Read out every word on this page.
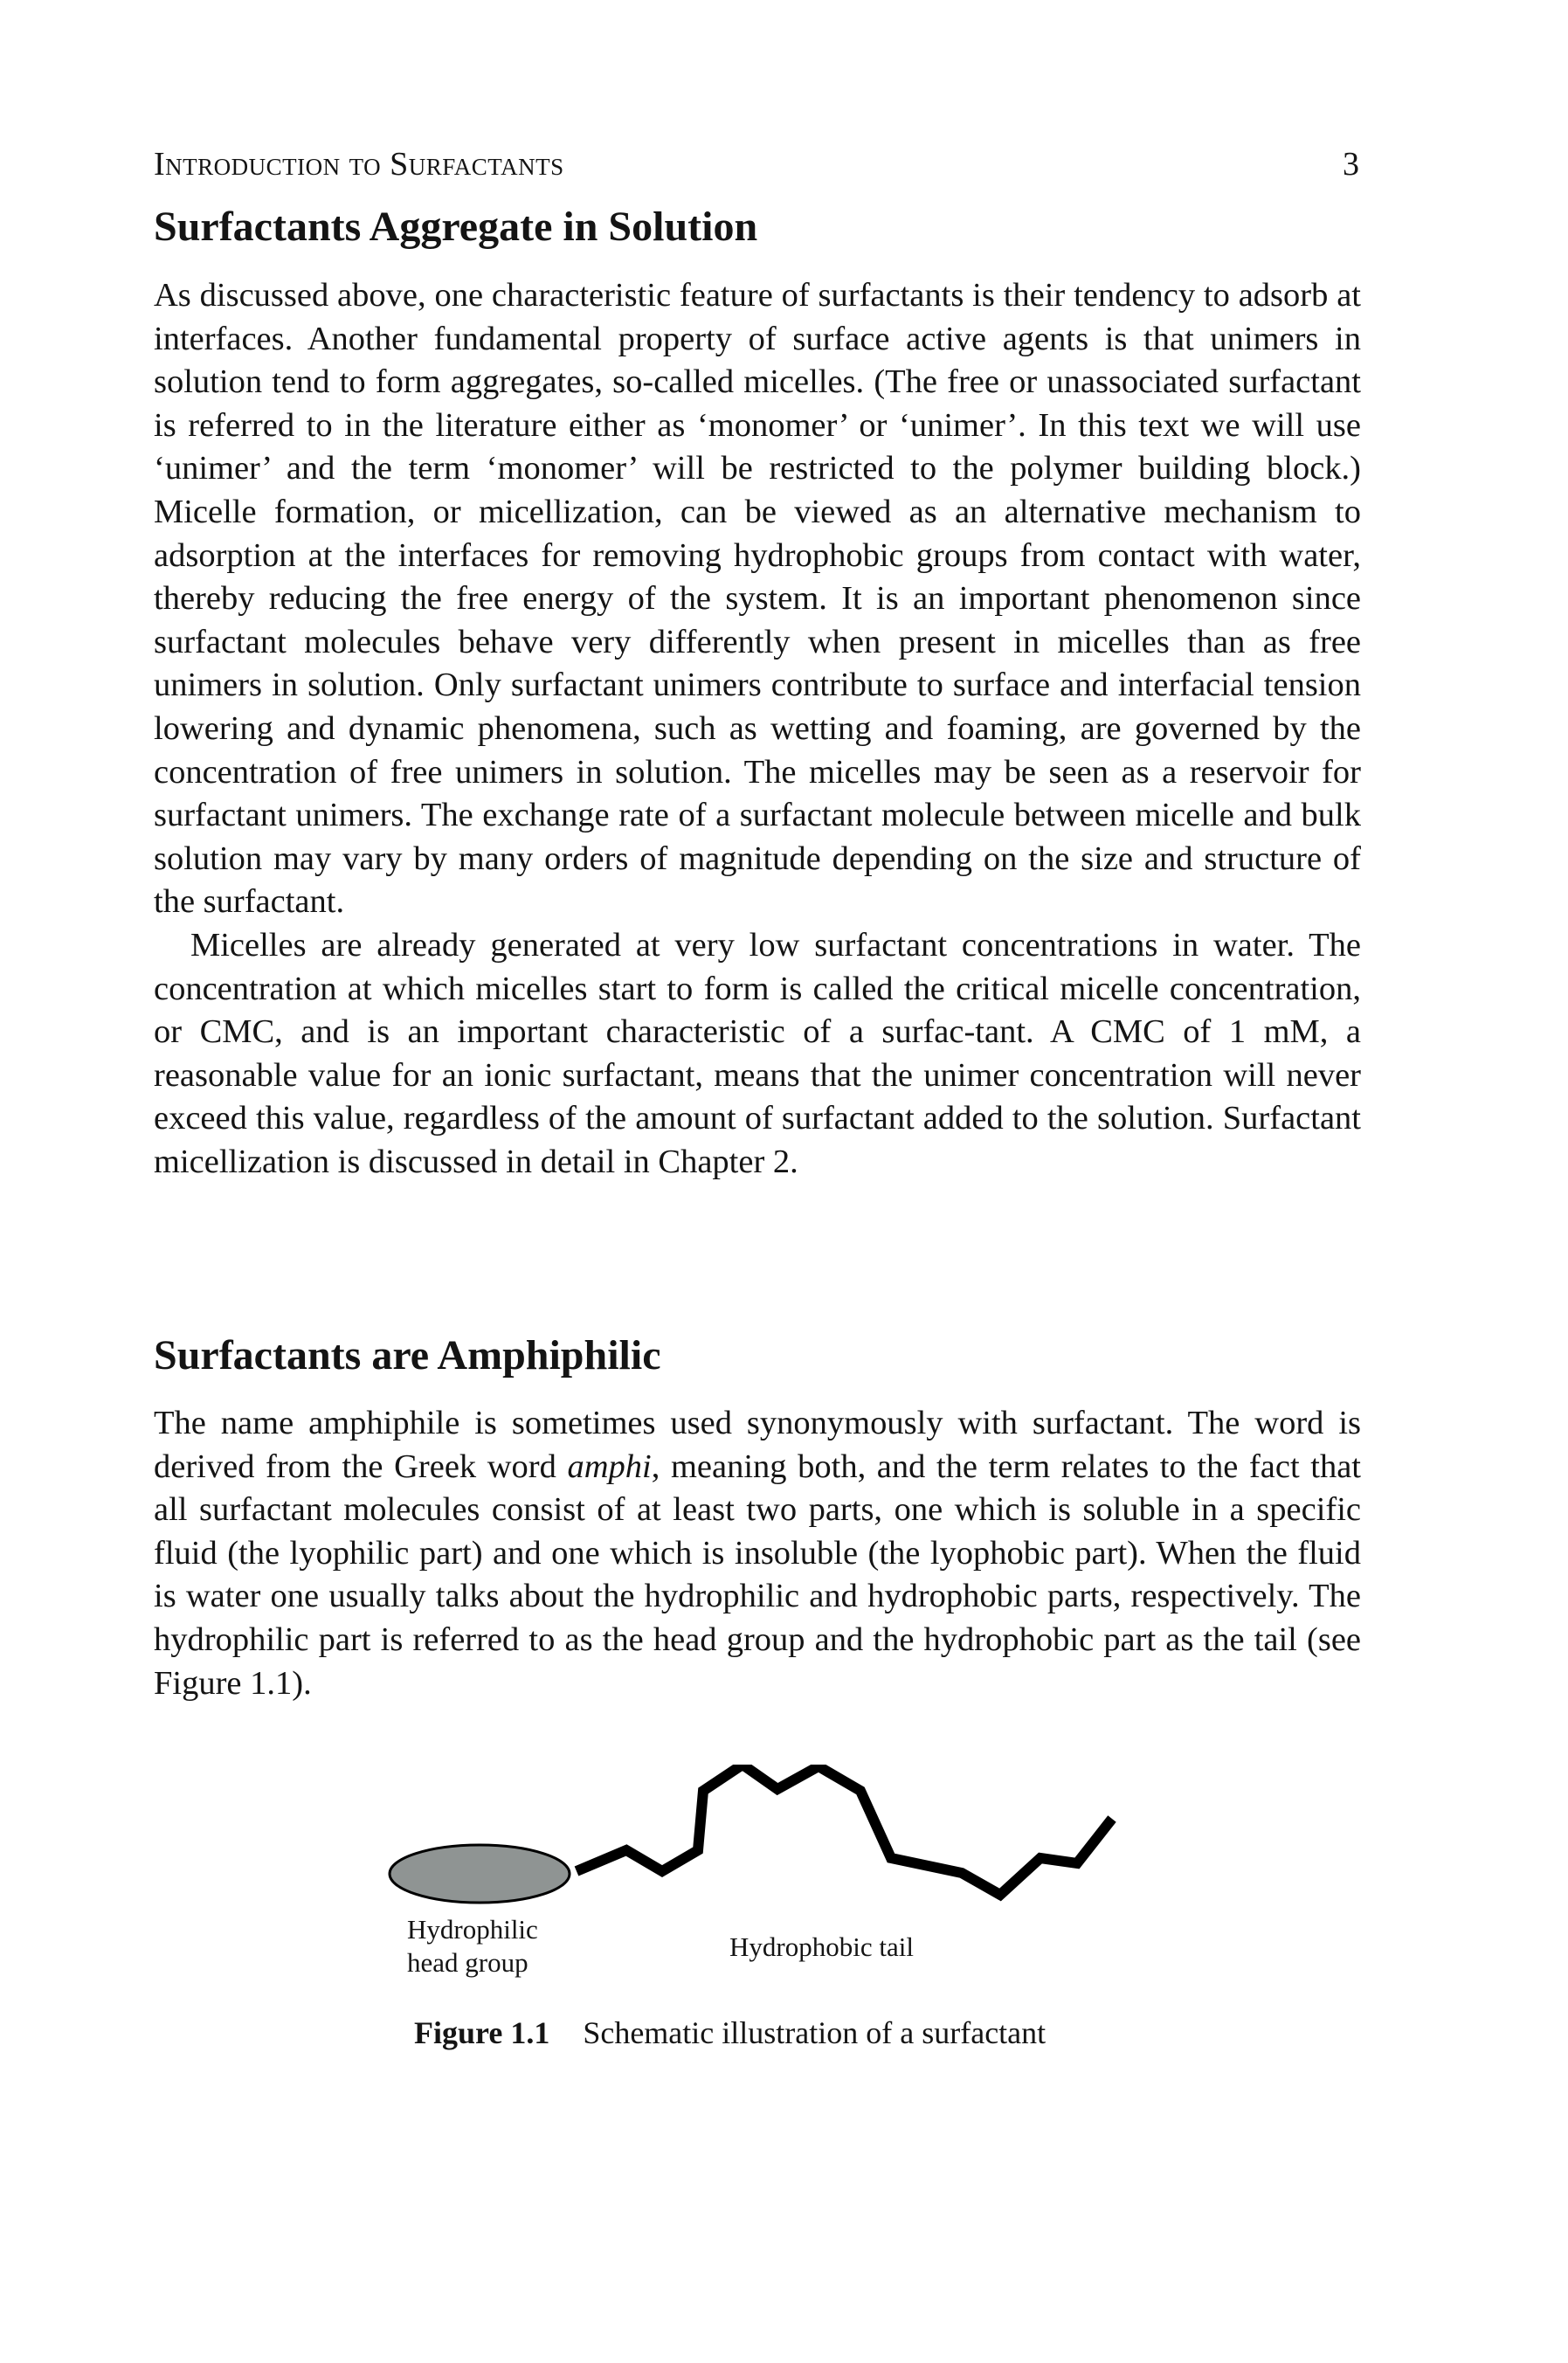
Introduction to Surfactants	3
Surfactants Aggregate in Solution

As discussed above, one characteristic feature of surfactants is their tendency to adsorb at interfaces. Another fundamental property of surface active agents is that unimers in solution tend to form aggregates, so-called micelles. (The free or unassociated surfactant is referred to in the literature either as ‘monomer’ or ‘unimer’. In this text we will use ‘unimer’ and the term ‘monomer’ will be restricted to the polymer building block.) Micelle formation, or micellization, can be viewed as an alternative mechanism to adsorption at the interfaces for removing hydrophobic groups from contact with water, thereby reducing the free energy of the system. It is an important phenomenon since surfactant molecules behave very differently when present in micelles than as free unimers in solution. Only surfactant unimers contribute to surface and interfacial tension lowering and dynamic phenomena, such as wetting and foaming, are governed by the concentration of free unimers in solution. The micelles may be seen as a reservoir for surfactant unimers. The exchange rate of a surfactant molecule between micelle and bulk solution may vary by many orders of magnitude depending on the size and structure of the surfactant.

Micelles are already generated at very low surfactant concentrations in water. The concentration at which micelles start to form is called the critical micelle concentration, or CMC, and is an important characteristic of a surfac-tant. A CMC of 1 mM, a reasonable value for an ionic surfactant, means that the unimer concentration will never exceed this value, regardless of the amount of surfactant added to the solution. Surfactant micellization is discussed in detail in Chapter 2.

Surfactants are Amphiphilic

The name amphiphile is sometimes used synonymously with surfactant. The word is derived from the Greek word amphi, meaning both, and the term relates to the fact that all surfactant molecules consist of at least two parts, one which is soluble in a specific fluid (the lyophilic part) and one which is insoluble (the lyophobic part). When the fluid is water one usually talks about the hydrophilic and hydrophobic parts, respectively. The hydrophilic part is referred to as the head group and the hydrophobic part as the tail (see Figure 1.1).

Hydrophilic
head group
Hydrophobic tail
Figure 1.1 Schematic illustration of a surfactant
